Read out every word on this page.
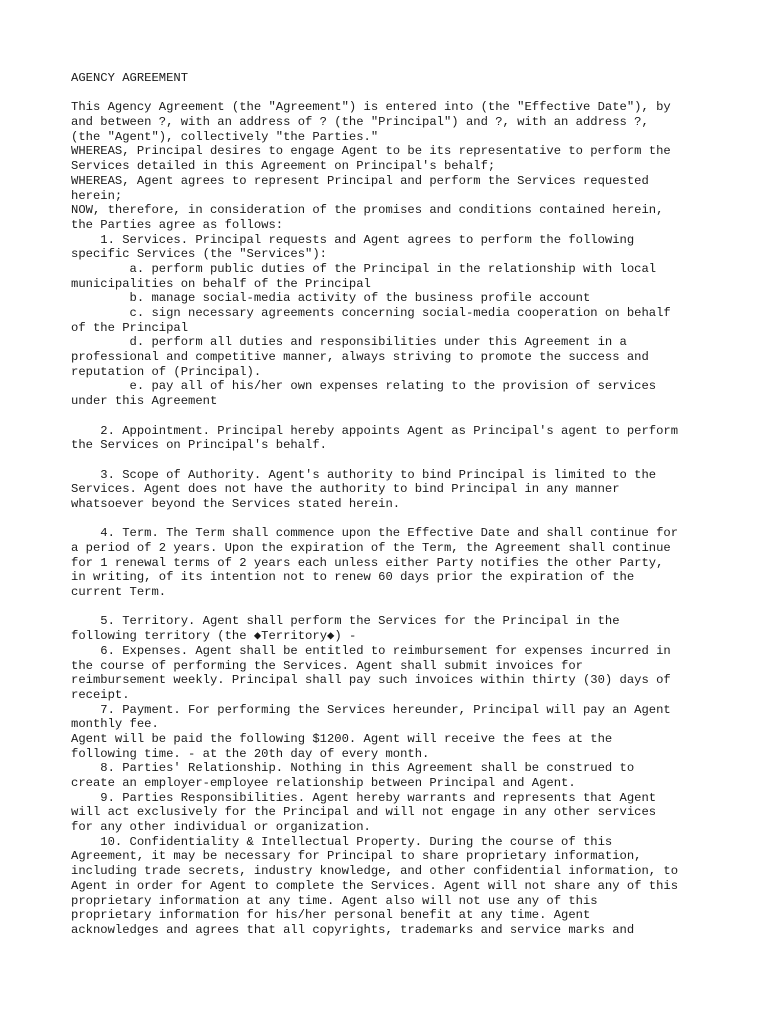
AGENCY AGREEMENT
This Agency Agreement (the "Agreement") is entered into (the "Effective Date"), by
and between ?, with an address of ? (the "Principal") and ?, with an address ?,
(the "Agent"), collectively "the Parties."
WHEREAS, Principal desires to engage Agent to be its representative to perform the
Services detailed in this Agreement on Principal's behalf;
WHEREAS, Agent agrees to represent Principal and perform the Services requested
herein;
NOW, therefore, in consideration of the promises and conditions contained herein,
the Parties agree as follows:
1. Services. Principal requests and Agent agrees to perform the following
specific Services (the "Services"):
a. perform public duties of the Principal in the relationship with local
municipalities on behalf of the Principal
b. manage social-media activity of the business profile account
c. sign necessary agreements concerning social-media cooperation on behalf
of the Principal
d. perform all duties and responsibilities under this Agreement in a
professional and competitive manner, always striving to promote the success and
reputation of (Principal).
e. pay all of his/her own expenses relating to the provision of services
under this Agreement
2. Appointment. Principal hereby appoints Agent as Principal's agent to perform
the Services on Principal's behalf.
3. Scope of Authority. Agent's authority to bind Principal is limited to the
Services. Agent does not have the authority to bind Principal in any manner
whatsoever beyond the Services stated herein.
4. Term. The Term shall commence upon the Effective Date and shall continue for
a period of 2 years. Upon the expiration of the Term, the Agreement shall continue
for 1 renewal terms of 2 years each unless either Party notifies the other Party,
in writing, of its intention not to renew 60 days prior the expiration of the
current Term.
5. Territory. Agent shall perform the Services for the Principal in the
following territory (the ◆Territory◆) -
6. Expenses. Agent shall be entitled to reimbursement for expenses incurred in
the course of performing the Services. Agent shall submit invoices for
reimbursement weekly. Principal shall pay such invoices within thirty (30) days of
receipt.
7. Payment. For performing the Services hereunder, Principal will pay an Agent
monthly fee.
Agent will be paid the following $1200. Agent will receive the fees at the
following time. - at the 20th day of every month.
8. Parties' Relationship. Nothing in this Agreement shall be construed to
create an employer-employee relationship between Principal and Agent.
9. Parties Responsibilities. Agent hereby warrants and represents that Agent
will act exclusively for the Principal and will not engage in any other services
for any other individual or organization.
10. Confidentiality & Intellectual Property. During the course of this
Agreement, it may be necessary for Principal to share proprietary information,
including trade secrets, industry knowledge, and other confidential information, to
Agent in order for Agent to complete the Services. Agent will not share any of this
proprietary information at any time. Agent also will not use any of this
proprietary information for his/her personal benefit at any time. Agent
acknowledges and agrees that all copyrights, trademarks and service marks and
